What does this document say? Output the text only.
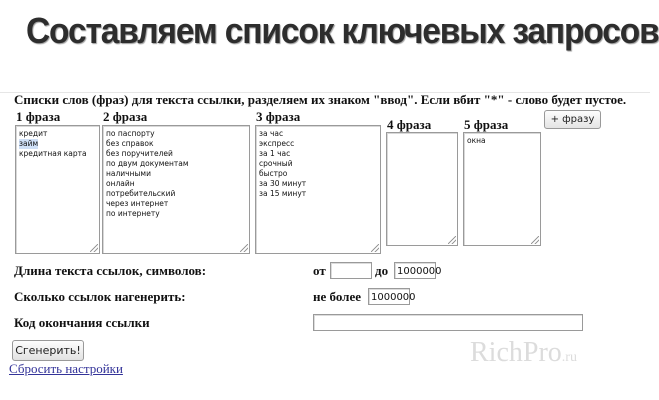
Составляем список ключевых запросов
Списки слов (фраз) для текста ссылки, разделяем их знаком "ввод". Если вбит "*" - слово будет пустое.
1 фраза
кредит
займ
кредитная карта
2 фраза
по паспорту
без справок
без поручителей
по двум документам
наличными
онлайн
потребительский
через интернет
по интернету
3 фраза
за час
экспресс
за 1 час
срочный
быстро
за 30 минут
за 15 минут
4 фраза	5 фраза
окна
+ фразу
Длина текста ссылок, символов:	от	до 1000000
Сколько ссылок нагенерить:	не более 1000000
Код окончания ссылки
Сгенерить!
Сбросить настройки
RichPro.ru
